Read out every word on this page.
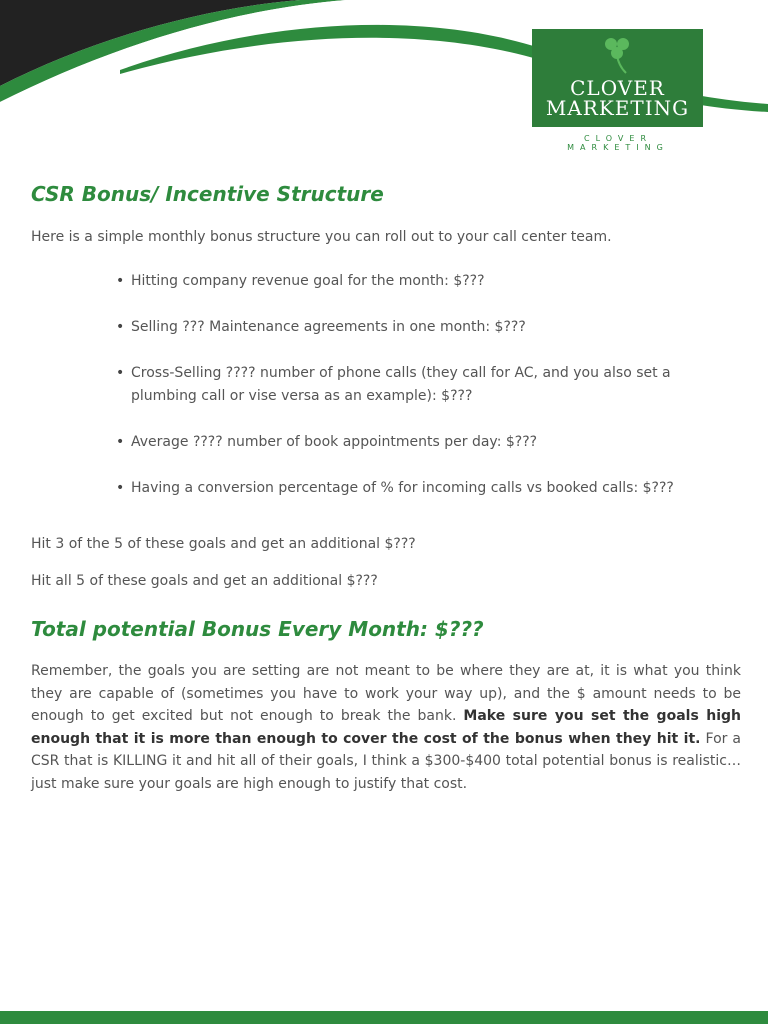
CLOVER
MARKETING
CLOVER MARKETING
CSR Bonus/ Incentive Structure

Here is a simple monthly bonus structure you can roll out to your call center team.

• Hitting company revenue goal for the month: $???
• Selling ??? Maintenance agreements in one month: $???
• Cross-Selling ???? number of phone calls (they call for AC, and you also set a plumbing call or vise versa as an example): $???
• Average ???? number of book appointments per day: $???
• Having a conversion percentage of % for incoming calls vs booked calls: $???

Hit 3 of the 5 of these goals and get an additional $???

Hit all 5 of these goals and get an additional $???

Total potential Bonus Every Month: $???

Remember, the goals you are setting are not meant to be where they are at, it is what you think they are capable of (sometimes you have to work your way up), and the $ amount needs to be enough to get excited but not enough to break the bank. Make sure you set the goals high enough that it is more than enough to cover the cost of the bonus when they hit it. For a CSR that is KILLING it and hit all of their goals, I think a $300-$400 total potential bonus is realistic… just make sure your goals are high enough to justify that cost.
